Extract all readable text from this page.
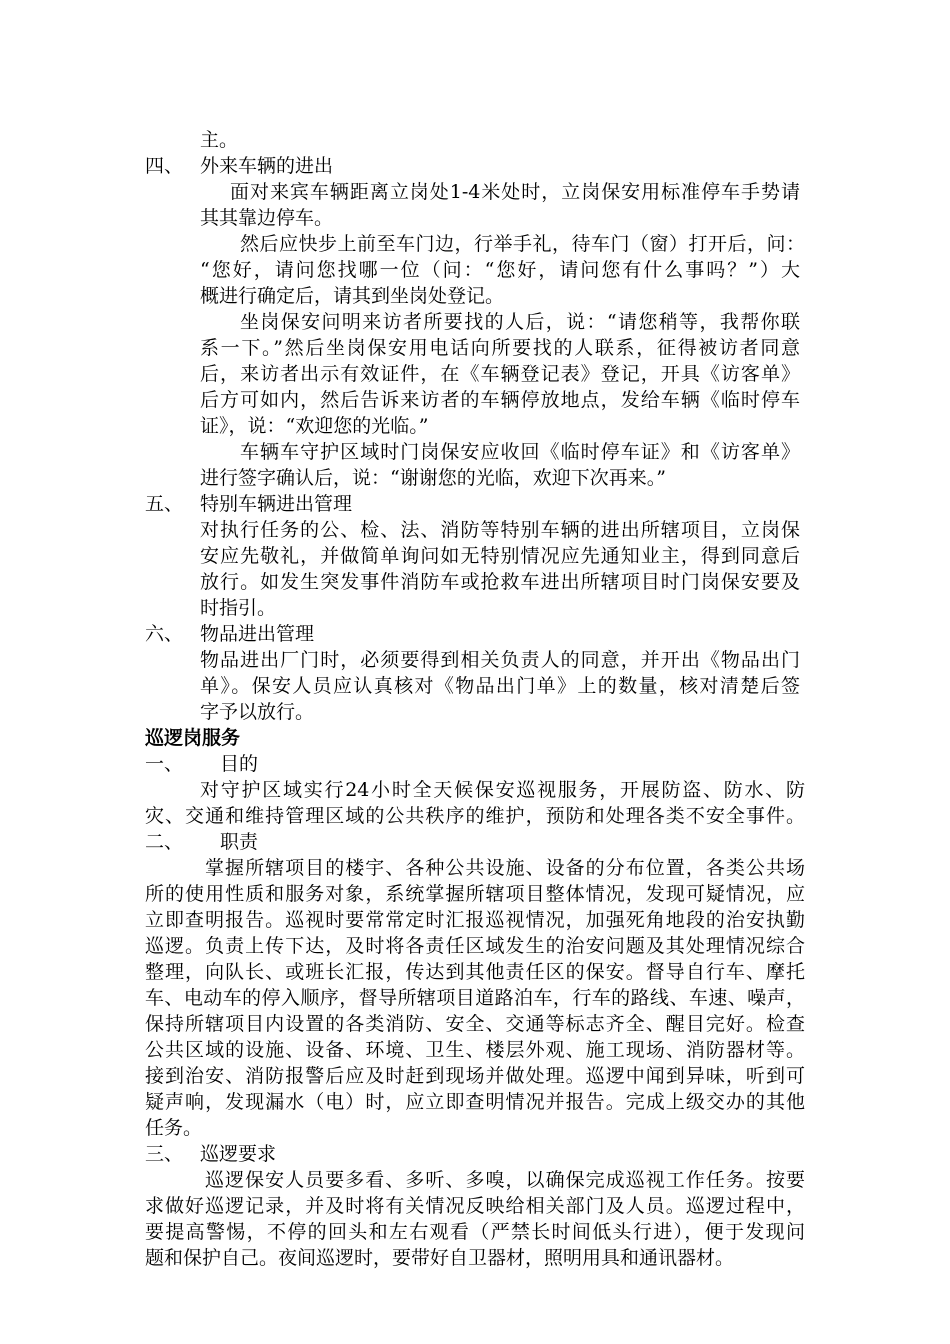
主。
四、 外来车辆的进出
面对来宾车辆距离立岗处1-4米处时，立岗保安用标准停车手势请
其其靠边停车。
然后应快步上前至车门边，行举手礼，待车门（窗）打开后，问：
“您好，请问您找哪一位（问：“您好，请问您有什么事吗？”）大
概进行确定后，请其到坐岗处登记。
坐岗保安问明来访者所要找的人后，说：“请您稍等，我帮你联
系一下。”然后坐岗保安用电话向所要找的人联系，征得被访者同意
后，来访者出示有效证件，在《车辆登记表》登记，开具《访客单》
后方可如内，然后告诉来访者的车辆停放地点，发给车辆《临时停车
证》，说：“欢迎您的光临。”
车辆车守护区域时门岗保安应收回《临时停车证》和《访客单》
进行签字确认后，说：“谢谢您的光临，欢迎下次再来。”
五、 特别车辆进出管理
对执行任务的公、检、法、消防等特别车辆的进出所辖项目，立岗保
安应先敬礼，并做简单询问如无特别情况应先通知业主，得到同意后
放行。如发生突发事件消防车或抢救车进出所辖项目时门岗保安要及
时指引。
六、 物品进出管理
物品进出厂门时，必须要得到相关负责人的同意，并开出《物品出门
单》。保安人员应认真核对《物品出门单》上的数量，核对清楚后签
字予以放行。
巡逻岗服务
一、 目的
对守护区域实行24小时全天候保安巡视服务，开展防盗、防水、防
灾、交通和维持管理区域的公共秩序的维护，预防和处理各类不安全事件。
二、 职责
掌握所辖项目的楼宇、各种公共设施、设备的分布位置，各类公共场
所的使用性质和服务对象，系统掌握所辖项目整体情况，发现可疑情况，应
立即查明报告。巡视时要常常定时汇报巡视情况，加强死角地段的治安执勤
巡逻。负责上传下达，及时将各责任区域发生的治安问题及其处理情况综合
整理，向队长、或班长汇报，传达到其他责任区的保安。督导自行车、摩托
车、电动车的停入顺序，督导所辖项目道路泊车，行车的路线、车速、噪声，
保持所辖项目内设置的各类消防、安全、交通等标志齐全、醒目完好。检查
公共区域的设施、设备、环境、卫生、楼层外观、施工现场、消防器材等。
接到治安、消防报警后应及时赶到现场并做处理。巡逻中闻到异味，听到可
疑声响，发现漏水（电）时，应立即查明情况并报告。完成上级交办的其他
任务。
三、 巡逻要求
巡逻保安人员要多看、多听、多嗅，以确保完成巡视工作任务。按要
求做好巡逻记录，并及时将有关情况反映给相关部门及人员。巡逻过程中，
要提高警惕，不停的回头和左右观看（严禁长时间低头行进），便于发现问
题和保护自己。夜间巡逻时，要带好自卫器材，照明用具和通讯器材。
